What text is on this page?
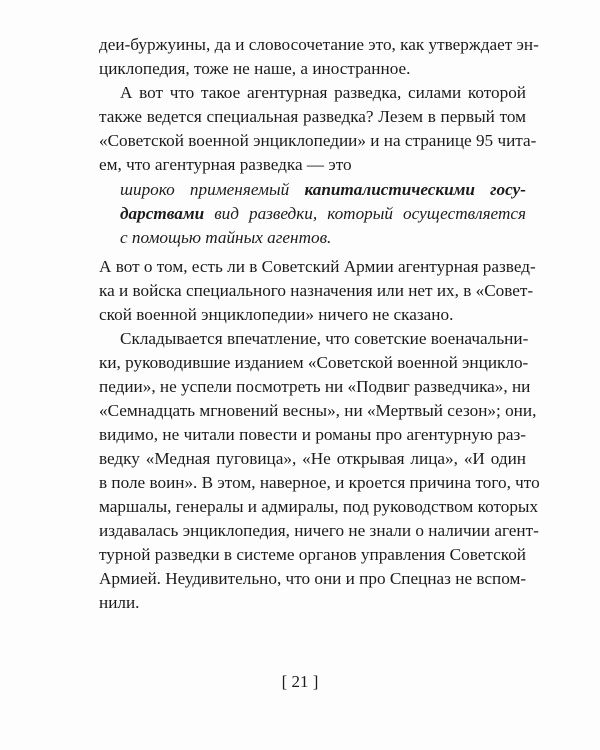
деи-буржуины, да и словосочетание это, как утверждает эн-
циклопедия, тоже не наше, а иностранное.
А вот что такое агентурная разведка, силами которой
также ведется специальная разведка? Лезем в первый том
«Советской военной энциклопедии» и на странице 95 чита-
ем, что агентурная разведка — это
широко применяемый капиталистическими госу-
дарствами вид разведки, который осуществляется
с помощью тайных агентов.
А вот о том, есть ли в Советский Армии агентурная развед-
ка и войска специального назначения или нет их, в «Совет-
ской военной энциклопедии» ничего не сказано.
Складывается впечатление, что советские военачальни-
ки, руководившие изданием «Советской военной энциклo-
педии», не успели посмотреть ни «Подвиг разведчика», ни
«Семнадцать мгновений весны», ни «Мертвый сезон»; они,
видимо, не читали повести и романы про агентурную раз-
ведку «Медная пуговица», «Не открывая лица», «И один
в поле воин». В этом, наверное, и кроется причина того, что
маршалы, генералы и адмиралы, под руководством которых
издавалась энциклопедия, ничего не знали о наличии агент-
турной разведки в системе органов управления Советской
Армией. Неудивительно, что они и про Спецназ не вспом-
нили.
[ 21 ]
